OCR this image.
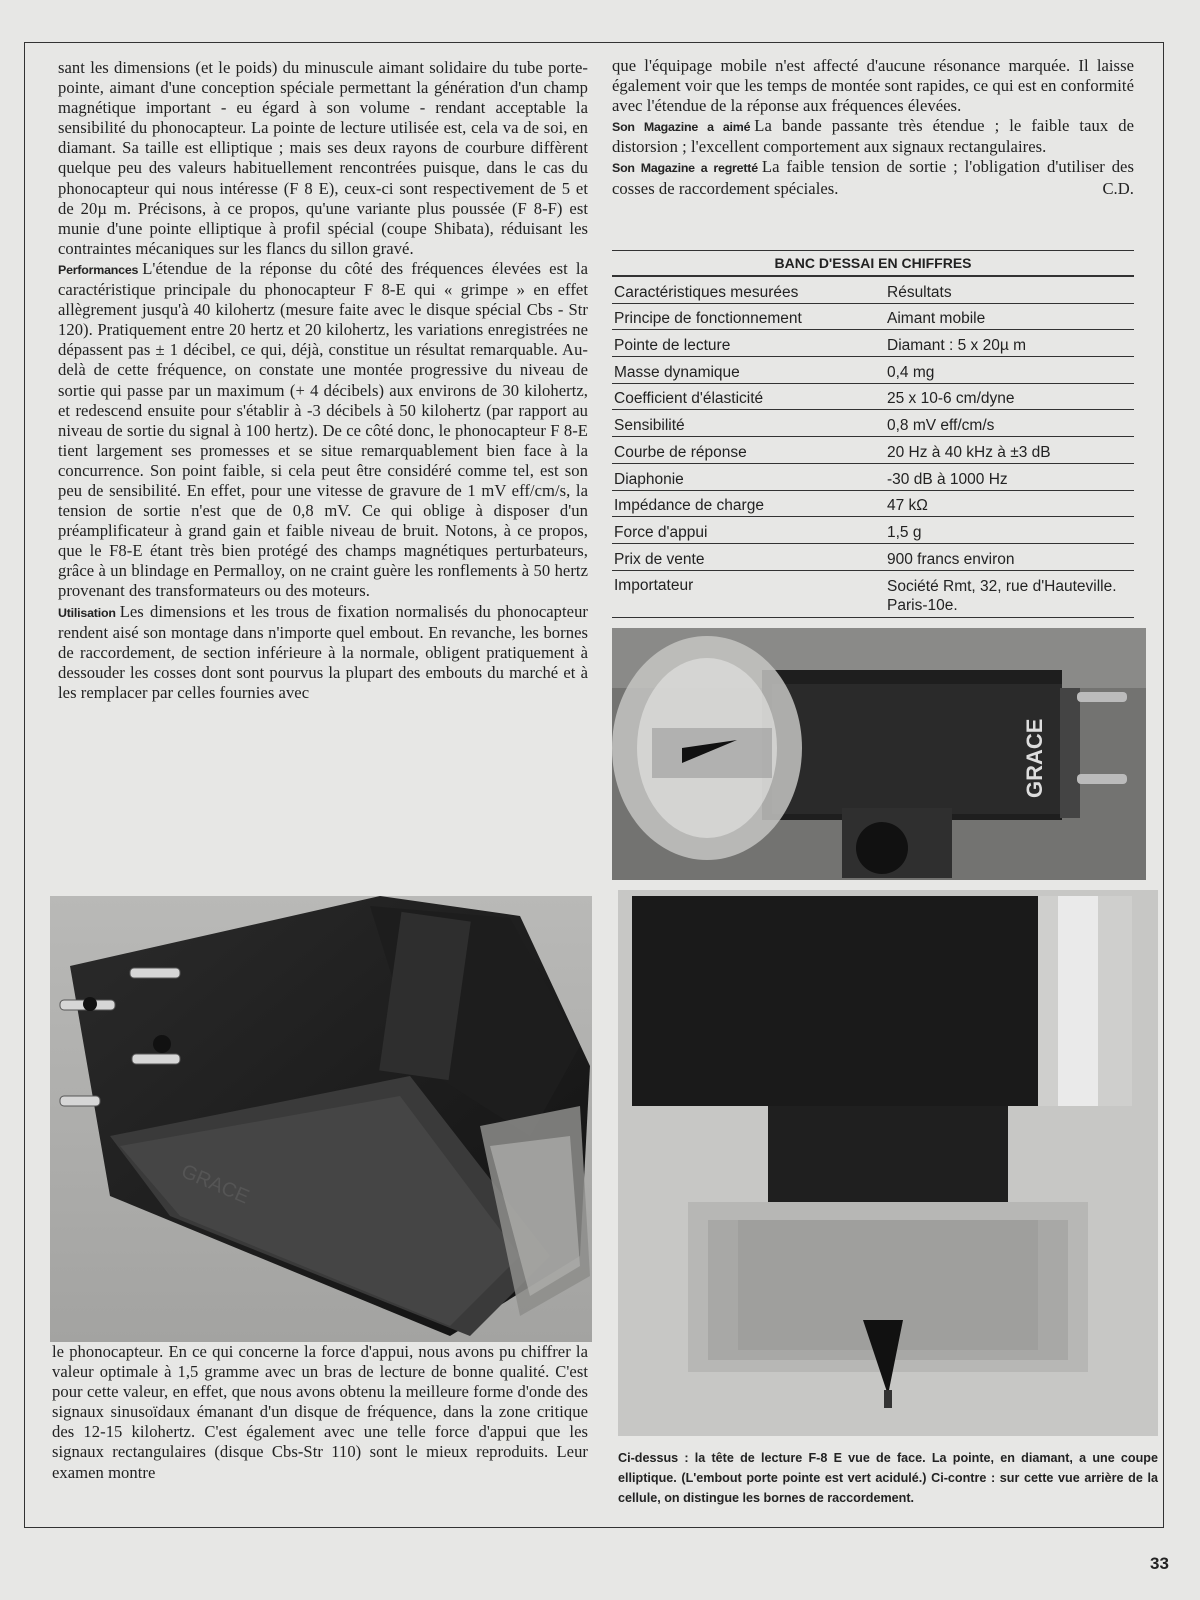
sant les dimensions (et le poids) du minuscule aimant solidaire du tube porte-pointe, aimant d'une conception spéciale permettant la génération d'un champ magnétique important - eu égard à son volume - rendant acceptable la sensibilité du phonocapteur. La pointe de lecture utilisée est, cela va de soi, en diamant. Sa taille est elliptique ; mais ses deux rayons de courbure diffèrent quelque peu des valeurs habituellement rencontrées puisque, dans le cas du phonocapteur qui nous intéresse (F 8 E), ceux-ci sont respectivement de 5 et de 20µ m. Précisons, à ce propos, qu'une variante plus poussée (F 8-F) est munie d'une pointe elliptique à profil spécial (coupe Shibata), réduisant les contraintes mécaniques sur les flancs du sillon gravé.

Performances L'étendue de la réponse du côté des fréquences élevées est la caractéristique principale du phonocapteur F 8-E qui « grimpe » en effet allègrement jusqu'à 40 kilohertz (mesure faite avec le disque spécial Cbs - Str 120). Pratiquement entre 20 hertz et 20 kilohertz, les variations enregistrées ne dépassent pas ± 1 décibel, ce qui, déjà, constitue un résultat remarquable. Au-delà de cette fréquence, on constate une montée progressive du niveau de sortie qui passe par un maximum (+ 4 décibels) aux environs de 30 kilohertz, et redescend ensuite pour s'établir à -3 décibels à 50 kilohertz (par rapport au niveau de sortie du signal à 100 hertz). De ce côté donc, le phonocapteur F 8-E tient largement ses promesses et se situe remarquablement bien face à la concurrence. Son point faible, si cela peut être considéré comme tel, est son peu de sensibilité. En effet, pour une vitesse de gravure de 1 mV eff/cm/s, la tension de sortie n'est que de 0,8 mV. Ce qui oblige à disposer d'un préamplificateur à grand gain et faible niveau de bruit. Notons, à ce propos, que le F8-E étant très bien protégé des champs magnétiques perturbateurs, grâce à un blindage en Permalloy, on ne craint guère les ronflements à 50 hertz provenant des transformateurs ou des moteurs.

Utilisation Les dimensions et les trous de fixation normalisés du phonocapteur rendent aisé son montage dans n'importe quel embout. En revanche, les bornes de raccordement, de section inférieure à la normale, obligent pratiquement à dessouder les cosses dont sont pourvus la plupart des embouts du marché et à les remplacer par celles fournies avec

GRACE

le phonocapteur. En ce qui concerne la force d'appui, nous avons pu chiffrer la valeur optimale à 1,5 gramme avec un bras de lecture de bonne qualité. C'est pour cette valeur, en effet, que nous avons obtenu la meilleure forme d'onde des signaux sinusoïdaux émanant d'un disque de fréquence, dans la zone critique des 12-15 kilohertz. C'est également avec une telle force d'appui que les signaux rectangulaires (disque Cbs-Str 110) sont le mieux reproduits. Leur examen montre

que l'équipage mobile n'est affecté d'aucune résonance marquée. Il laisse également voir que les temps de montée sont rapides, ce qui est en conformité avec l'étendue de la réponse aux fréquences élevées.

Son Magazine a aimé La bande passante très étendue ; le faible taux de distorsion ; l'excellent comportement aux signaux rectangulaires.

Son Magazine a regretté La faible tension de sortie ; l'obligation d'utiliser des cosses de raccordement spéciales.	C.D.

BANC D'ESSAI EN CHIFFRES
Caractéristiques mesurées	Résultats
Principe de fonctionnement	Aimant mobile
Pointe de lecture	Diamant : 5 x 20µ m
Masse dynamique	0,4 mg
Coefficient d'élasticité	25 x 10-6 cm/dyne
Sensibilité	0,8 mV eff/cm/s
Courbe de réponse	20 Hz à 40 kHz à ±3 dB
Diaphonie	-30 dB à 1000 Hz
Impédance de charge	47 kΩ
Force d'appui	1,5 g
Prix de vente	900 francs environ
Importateur	Société Rmt, 32, rue d'Hauteville. Paris-10e.
GRACE
Ci-dessus : la tête de lecture F-8 E vue de face. La pointe, en diamant, a une coupe elliptique. (L'embout porte pointe est vert acidulé.) Ci-contre : sur cette vue arrière de la cellule, on distingue les bornes de raccordement.
33
